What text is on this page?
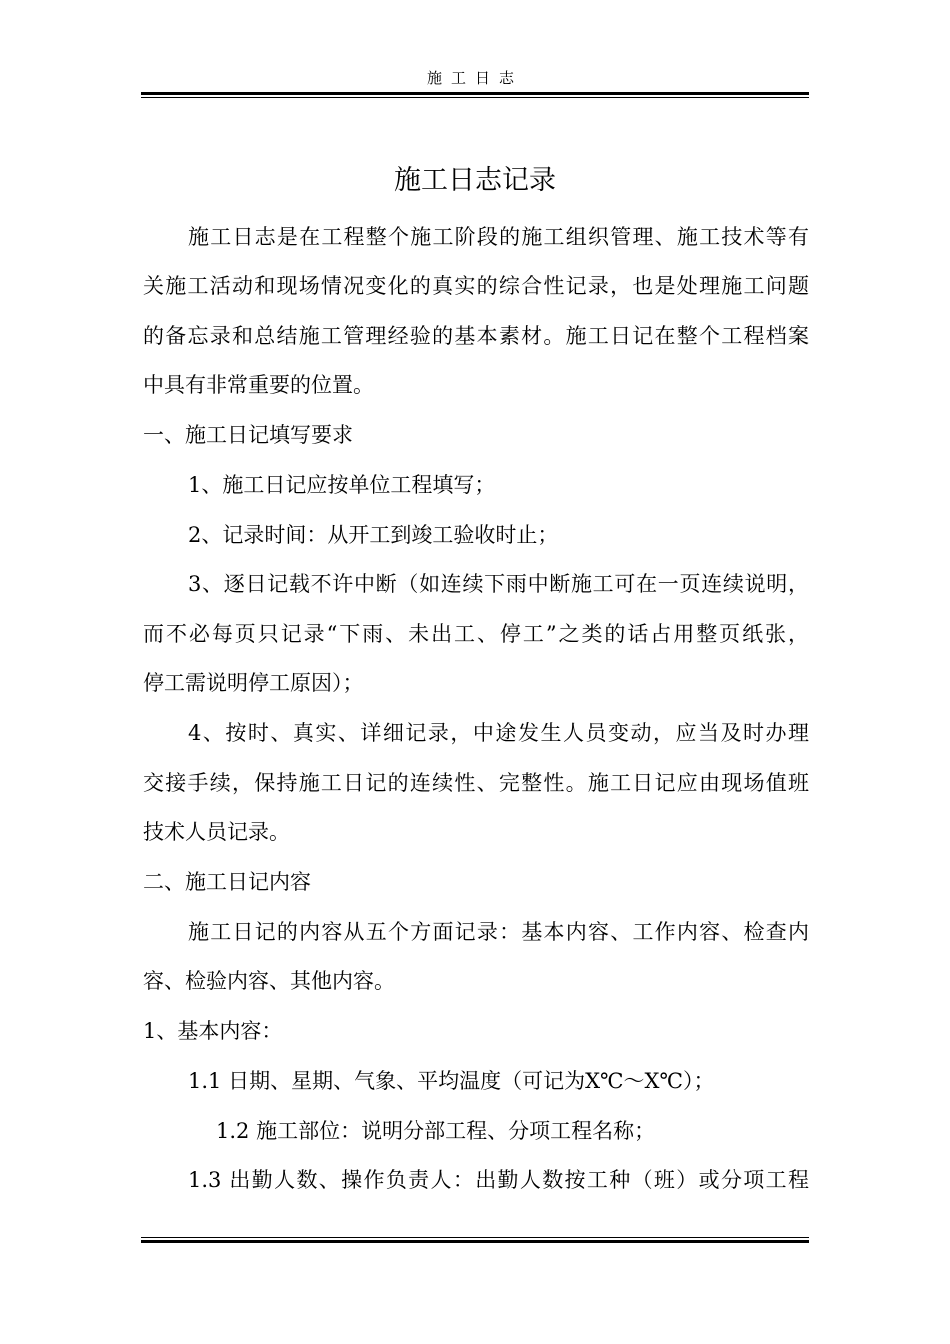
施工日志
施工日志记录
施工日志是在工程整个施工阶段的施工组织管理、施工技术等有
关施工活动和现场情况变化的真实的综合性记录，也是处理施工问题
的备忘录和总结施工管理经验的基本素材。施工日记在整个工程档案
中具有非常重要的位置。
一、施工日记填写要求
1、施工日记应按单位工程填写；
2、记录时间：从开工到竣工验收时止；
3、逐日记载不许中断（如连续下雨中断施工可在一页连续说明，
而不必每页只记录“下雨、未出工、停工”之类的话占用整页纸张，
停工需说明停工原因）；
4、按时、真实、详细记录，中途发生人员变动，应当及时办理
交接手续，保持施工日记的连续性、完整性。施工日记应由现场值班
技术人员记录。
二、施工日记内容
施工日记的内容从五个方面记录：基本内容、工作内容、检查内
容、检验内容、其他内容。
1、基本内容：
1.1 日期、星期、气象、平均温度（可记为X℃～X℃）；
1.2 施工部位：说明分部工程、分项工程名称；
1.3 出勤人数、操作负责人：出勤人数按工种（班）或分项工程
